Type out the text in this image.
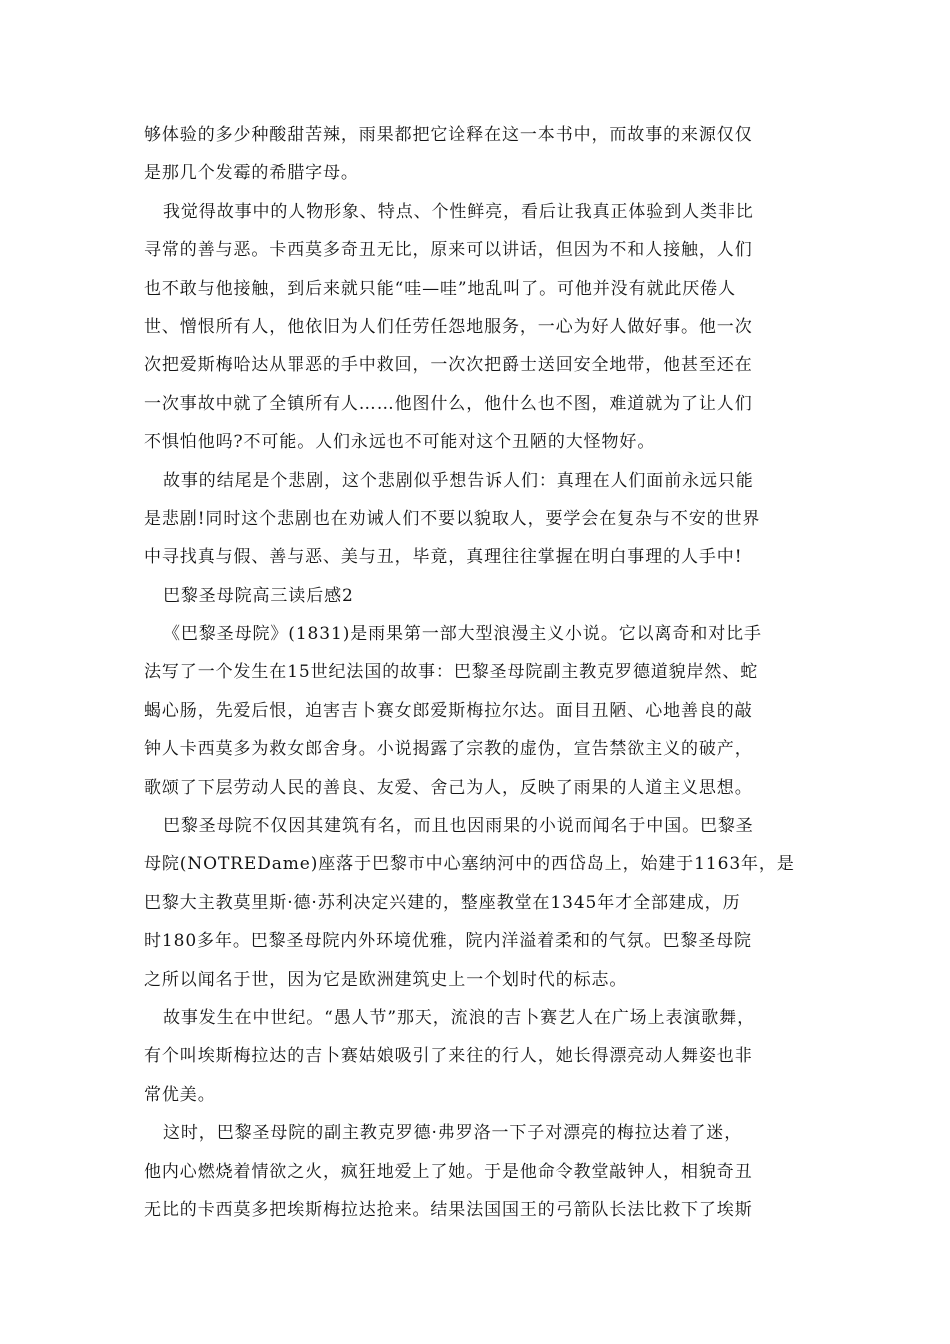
够体验的多少种酸甜苦辣，雨果都把它诠释在这一本书中，而故事的来源仅仅
是那几个发霉的希腊字母。
我觉得故事中的人物形象、特点、个性鲜亮，看后让我真正体验到人类非比
寻常的善与恶。卡西莫多奇丑无比，原来可以讲话，但因为不和人接触，人们
也不敢与他接触，到后来就只能“哇—哇”地乱叫了。可他并没有就此厌倦人
世、憎恨所有人，他依旧为人们任劳任怨地服务，一心为好人做好事。他一次
次把爱斯梅哈达从罪恶的手中救回，一次次把爵士送回安全地带，他甚至还在
一次事故中就了全镇所有人……他图什么，他什么也不图，难道就为了让人们
不惧怕他吗?不可能。人们永远也不可能对这个丑陋的大怪物好。
故事的结尾是个悲剧，这个悲剧似乎想告诉人们：真理在人们面前永远只能
是悲剧!同时这个悲剧也在劝诫人们不要以貌取人，要学会在复杂与不安的世界
中寻找真与假、善与恶、美与丑，毕竟，真理往往掌握在明白事理的人手中!
巴黎圣母院高三读后感2
《巴黎圣母院》(1831)是雨果第一部大型浪漫主义小说。它以离奇和对比手
法写了一个发生在15世纪法国的故事：巴黎圣母院副主教克罗德道貌岸然、蛇
蝎心肠，先爱后恨，迫害吉卜赛女郎爱斯梅拉尔达。面目丑陋、心地善良的敲
钟人卡西莫多为救女郎舍身。小说揭露了宗教的虚伪，宣告禁欲主义的破产，
歌颂了下层劳动人民的善良、友爱、舍己为人，反映了雨果的人道主义思想。
巴黎圣母院不仅因其建筑有名，而且也因雨果的小说而闻名于中国。巴黎圣
母院(NOTREDame)座落于巴黎市中心塞纳河中的西岱岛上，始建于1163年，是
巴黎大主教莫里斯·德·苏利决定兴建的，整座教堂在1345年才全部建成，历
时180多年。巴黎圣母院内外环境优雅，院内洋溢着柔和的气氛。巴黎圣母院
之所以闻名于世，因为它是欧洲建筑史上一个划时代的标志。
故事发生在中世纪。“愚人节”那天，流浪的吉卜赛艺人在广场上表演歌舞，
有个叫埃斯梅拉达的吉卜赛姑娘吸引了来往的行人，她长得漂亮动人舞姿也非
常优美。
这时，巴黎圣母院的副主教克罗德·弗罗洛一下子对漂亮的梅拉达着了迷，
他内心燃烧着情欲之火，疯狂地爱上了她。于是他命令教堂敲钟人，相貌奇丑
无比的卡西莫多把埃斯梅拉达抢来。结果法国国王的弓箭队长法比救下了埃斯
